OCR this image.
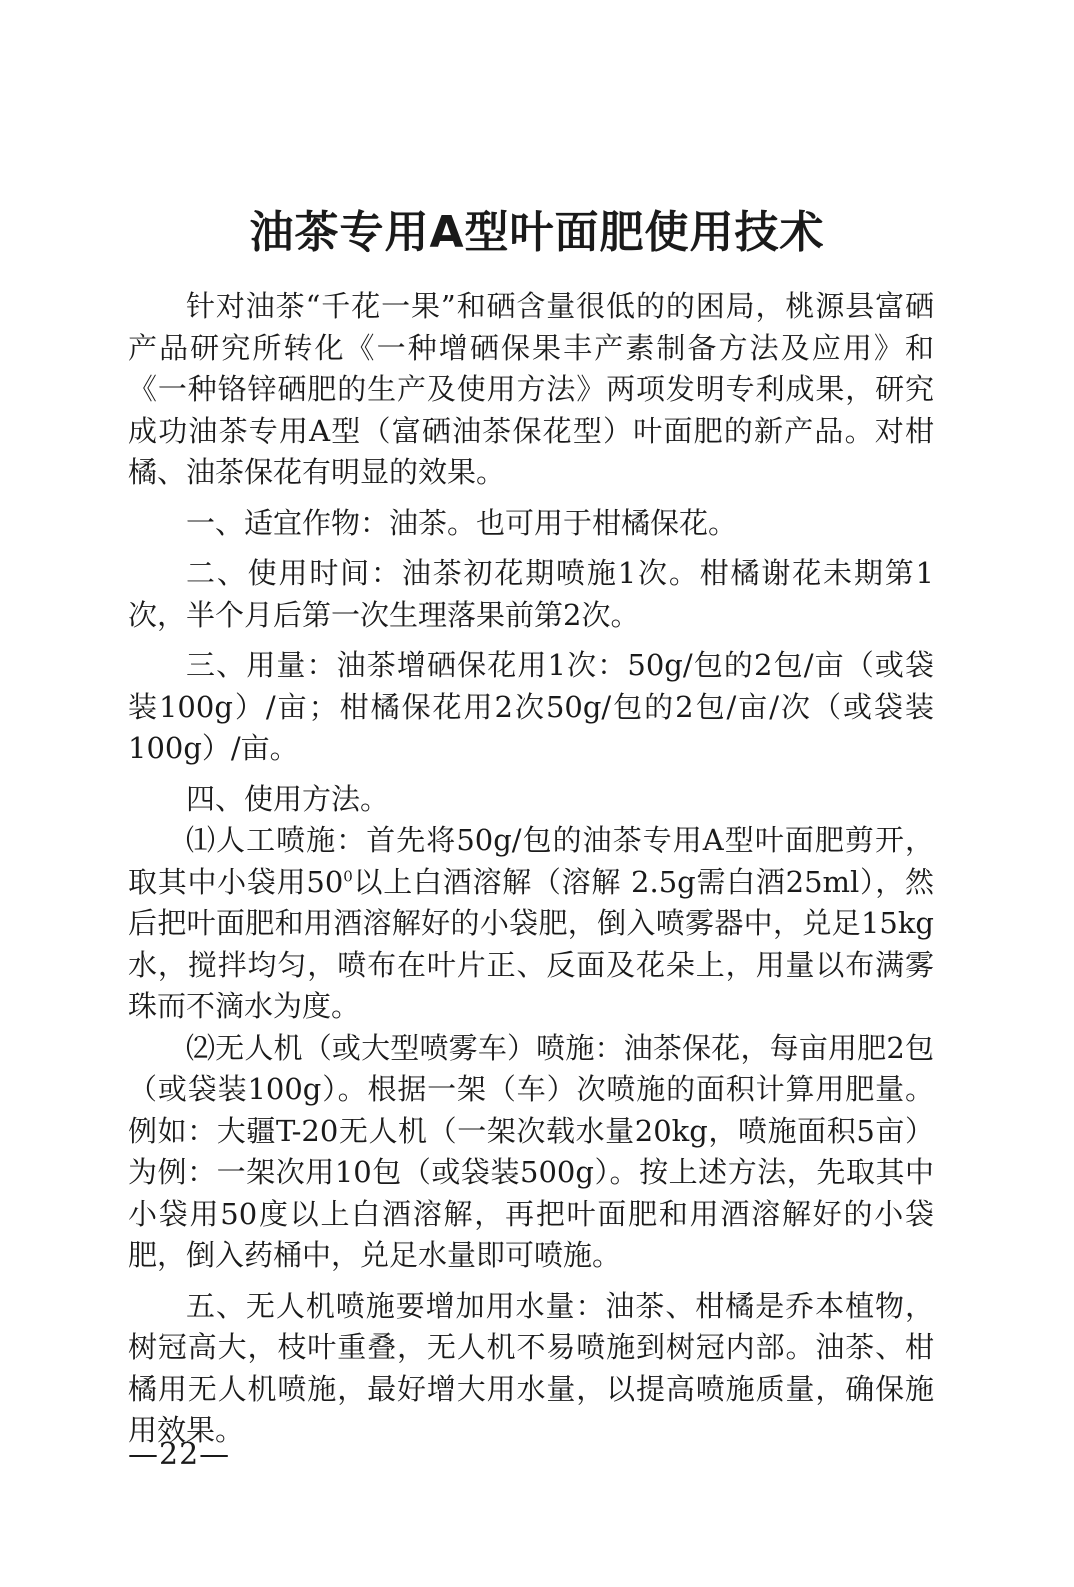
油茶专用A型叶面肥使用技术

针对油茶“千花一果”和硒含量很低的的困局，桃源县富硒产品研究所转化《一种增硒保果丰产素制备方法及应用》和《一种铬锌硒肥的生产及使用方法》两项发明专利成果，研究成功油茶专用A型（富硒油茶保花型）叶面肥的新产品。对柑橘、油茶保花有明显的效果。

一、适宜作物：油茶。也可用于柑橘保花。

二、使用时间：油茶初花期喷施1次。柑橘谢花未期第1次，半个月后第一次生理落果前第2次。

三、用量：油茶增硒保花用1次：50g/包的2包/亩（或袋装100g）/亩；柑橘保花用2次50g/包的2包/亩/次（或袋装100g）/亩。

四、使用方法。

⑴人工喷施：首先将50g/包的油茶专用A型叶面肥剪开，取其中小袋用$50^0$以上白酒溶解（溶解 2.5g需白酒25ml），然后把叶面肥和用酒溶解好的小袋肥，倒入喷雾器中，兑足15kg水，搅拌均匀，喷布在叶片正、反面及花朵上，用量以布满雾珠而不滴水为度。

⑵无人机（或大型喷雾车）喷施：油茶保花，每亩用肥2包（或袋装100g）。根据一架（车）次喷施的面积计算用肥量。例如：大疆T-20无人机（一架次载水量20kg，喷施面积5亩）为例：一架次用10包（或袋装500g）。按上述方法，先取其中小袋用50度以上白酒溶解，再把叶面肥和用酒溶解好的小袋肥，倒入药桶中，兑足水量即可喷施。

五、无人机喷施要增加用水量：油茶、柑橘是乔本植物，树冠高大，枝叶重叠，无人机不易喷施到树冠内部。油茶、柑橘用无人机喷施，最好增大用水量，以提高喷施质量，确保施用效果。

—22—
